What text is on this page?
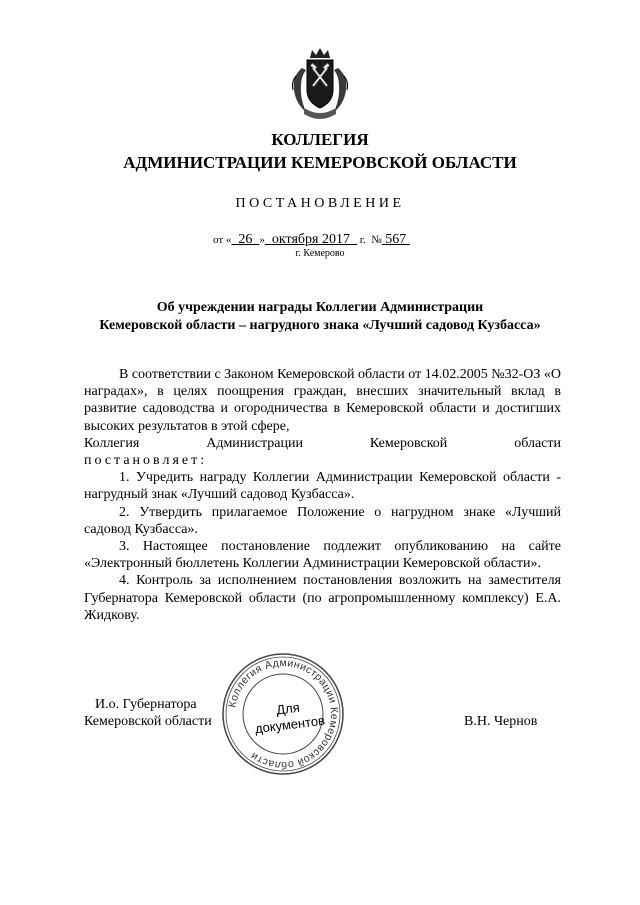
КОЛЛЕГИЯ
АДМИНИСТРАЦИИ КЕМЕРОВСКОЙ ОБЛАСТИ
ПОСТАНОВЛЕНИЕ
от « 26 » октября 2017 г. № 567
г. Кемерово
Об учреждении награды Коллегии Администрации
Кемеровской области – нагрудного знака «Лучший садовод Кузбасса»

В соответствии с Законом Кемеровской области от 14.02.2005 №32-ОЗ «О наградах», в целях поощрения граждан, внесших значительный вклад в развитие садоводства и огородничества в Кемеровской области и достигших высоких результатов в этой сфере,

Коллегия Администрации Кемеровской области

постановляет:

1. Учредить награду Коллегии Администрации Кемеровской области - нагрудный знак «Лучший садовод Кузбасса».

2. Утвердить прилагаемое Положение о нагрудном знаке «Лучший садовод Кузбасса».

3. Настоящее постановление подлежит опубликованию на сайте «Электронный бюллетень Коллегии Администрации Кемеровской области».

4. Контроль за исполнением постановления возложить на заместителя Губернатора Кемеровской области (по агропромышленному комплексу) Е.А. Жидкову.

И.о. Губернатора
Кемеровской области	В.Н. Чернов
Коллегия Администрации Кемеровской области
Для
документов
